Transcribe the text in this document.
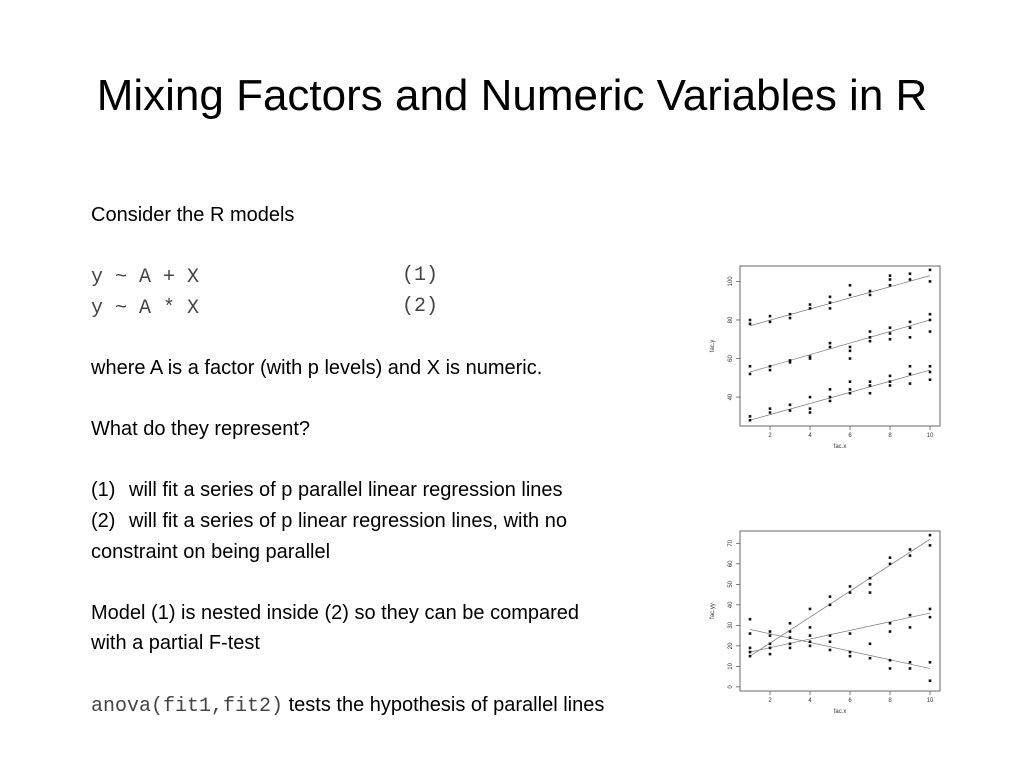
Mixing Factors and Numeric Variables in R
Consider the R models
y ~ A + X	(1)
y ~ A * X	(2)
where A is a factor (with p levels) and X is numeric.
What do they represent?
(1) will fit a series of p parallel linear regression lines
(2) will fit a series of p linear regression lines, with no
constraint on being parallel
Model (1) is nested inside (2) so they can be compared
with a partial F-test
anova(fit1,fit2) tests the hypothesis of parallel lines
2	4	6	8	10
40
60
80
100
fac.x
fac.y
2	4	6	8	10
0
10
20
30
40
50
60
70
fac.x
fac.yy
